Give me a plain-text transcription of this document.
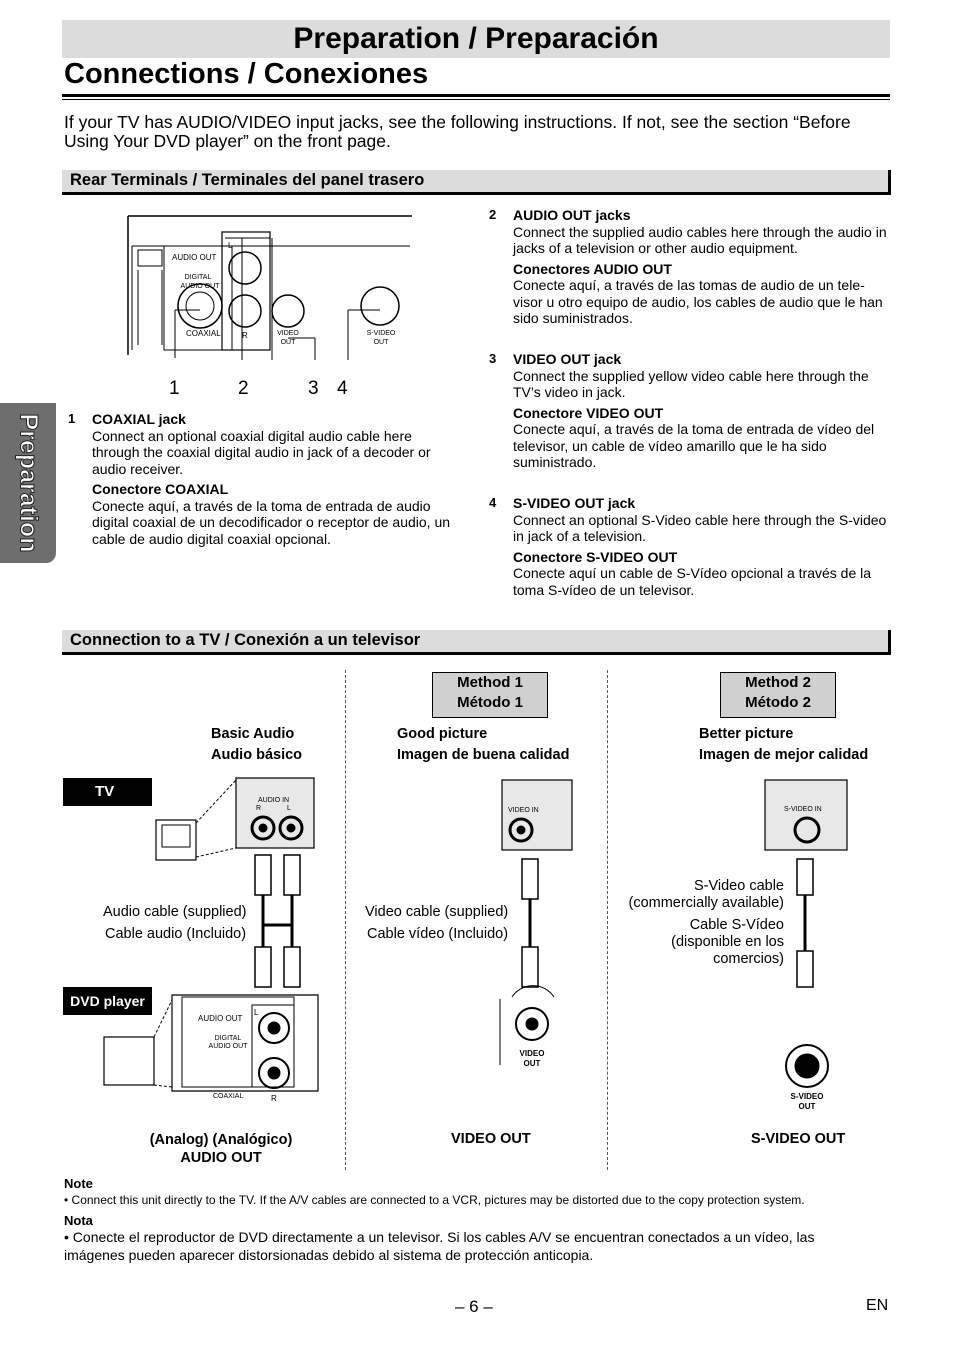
Preparation / Preparación
Connections / Conexiones
If your TV has AUDIO/VIDEO input jacks, see the following instructions. If not, see the section “Before Using Your DVD player” on the front page.
Preparation
Rear Terminals / Terminales del panel trasero
AUDIO OUT
DIGITAL
AUDIO OUT
COAXIAL
L
R	VIDEO
OUT
S-VIDEO
OUT
1	2	3 4
1 COAXIAL jack

Connect an optional coaxial digital audio cable here through the coaxial digital audio in jack of a decoder or audio receiver.

Conectore COAXIAL

Conecte aquí, a través de la toma de entrada de audio digital coaxial de un decodificador o receptor de audio, un cable de audio digital coaxial opcional.

2 AUDIO OUT jacks

Connect the supplied audio cables here through the audio in jacks of a television or other audio equipment.

Conectores AUDIO OUT

Conecte aquí, a través de las tomas de audio de un tele-visor u otro equipo de audio, los cables de audio que le han sido suministrados.

3 VIDEO OUT jack

Connect the supplied yellow video cable here through the TV’s video in jack.

Conectore VIDEO OUT

Conecte aquí, a través de la toma de entrada de vídeo del televisor, un cable de vídeo amarillo que le ha sido suministrado.

4 S-VIDEO OUT jack

Connect an optional S-Video cable here through the S-video in jack of a television.

Conectore S-VIDEO OUT

Conecte aquí un cable de S-Vídeo opcional a través de la toma S-vídeo de un televisor.

Connection to a TV / Conexión a un televisor
Method 1
Método 1
Method 2
Método 2
Basic Audio
Audio básico
Good picture
Imagen de buena calidad
Better picture
Imagen de mejor calidad
TV
DVD player
AUDIO IN
R	L
AUDIO OUT
L
DIGITAL
AUDIO OUT
COAXIAL	R
Audio cable (supplied)
Cable audio (Incluido)
VIDEO IN
VIDEO
OUT
Video cable (supplied)
Cable vídeo (Incluido)
S-VIDEO IN
S-VIDEO
OUT
S-Video cable
(commercially available)
Cable S-Vídeo
(disponible en los
comercios)
(Analog) (Analógico)
AUDIO OUT
VIDEO OUT	S-VIDEO OUT
Note
• Connect this unit directly to the TV. If the A/V cables are connected to a VCR, pictures may be distorted due to the copy protection system.
Nota
• Conecte el reproductor de DVD directamente a un televisor. Si los cables A/V se encuentran conectados a un vídeo, las imágenes pueden aparecer distorsionadas debido al sistema de protección anticopia.
– 6 –	EN
